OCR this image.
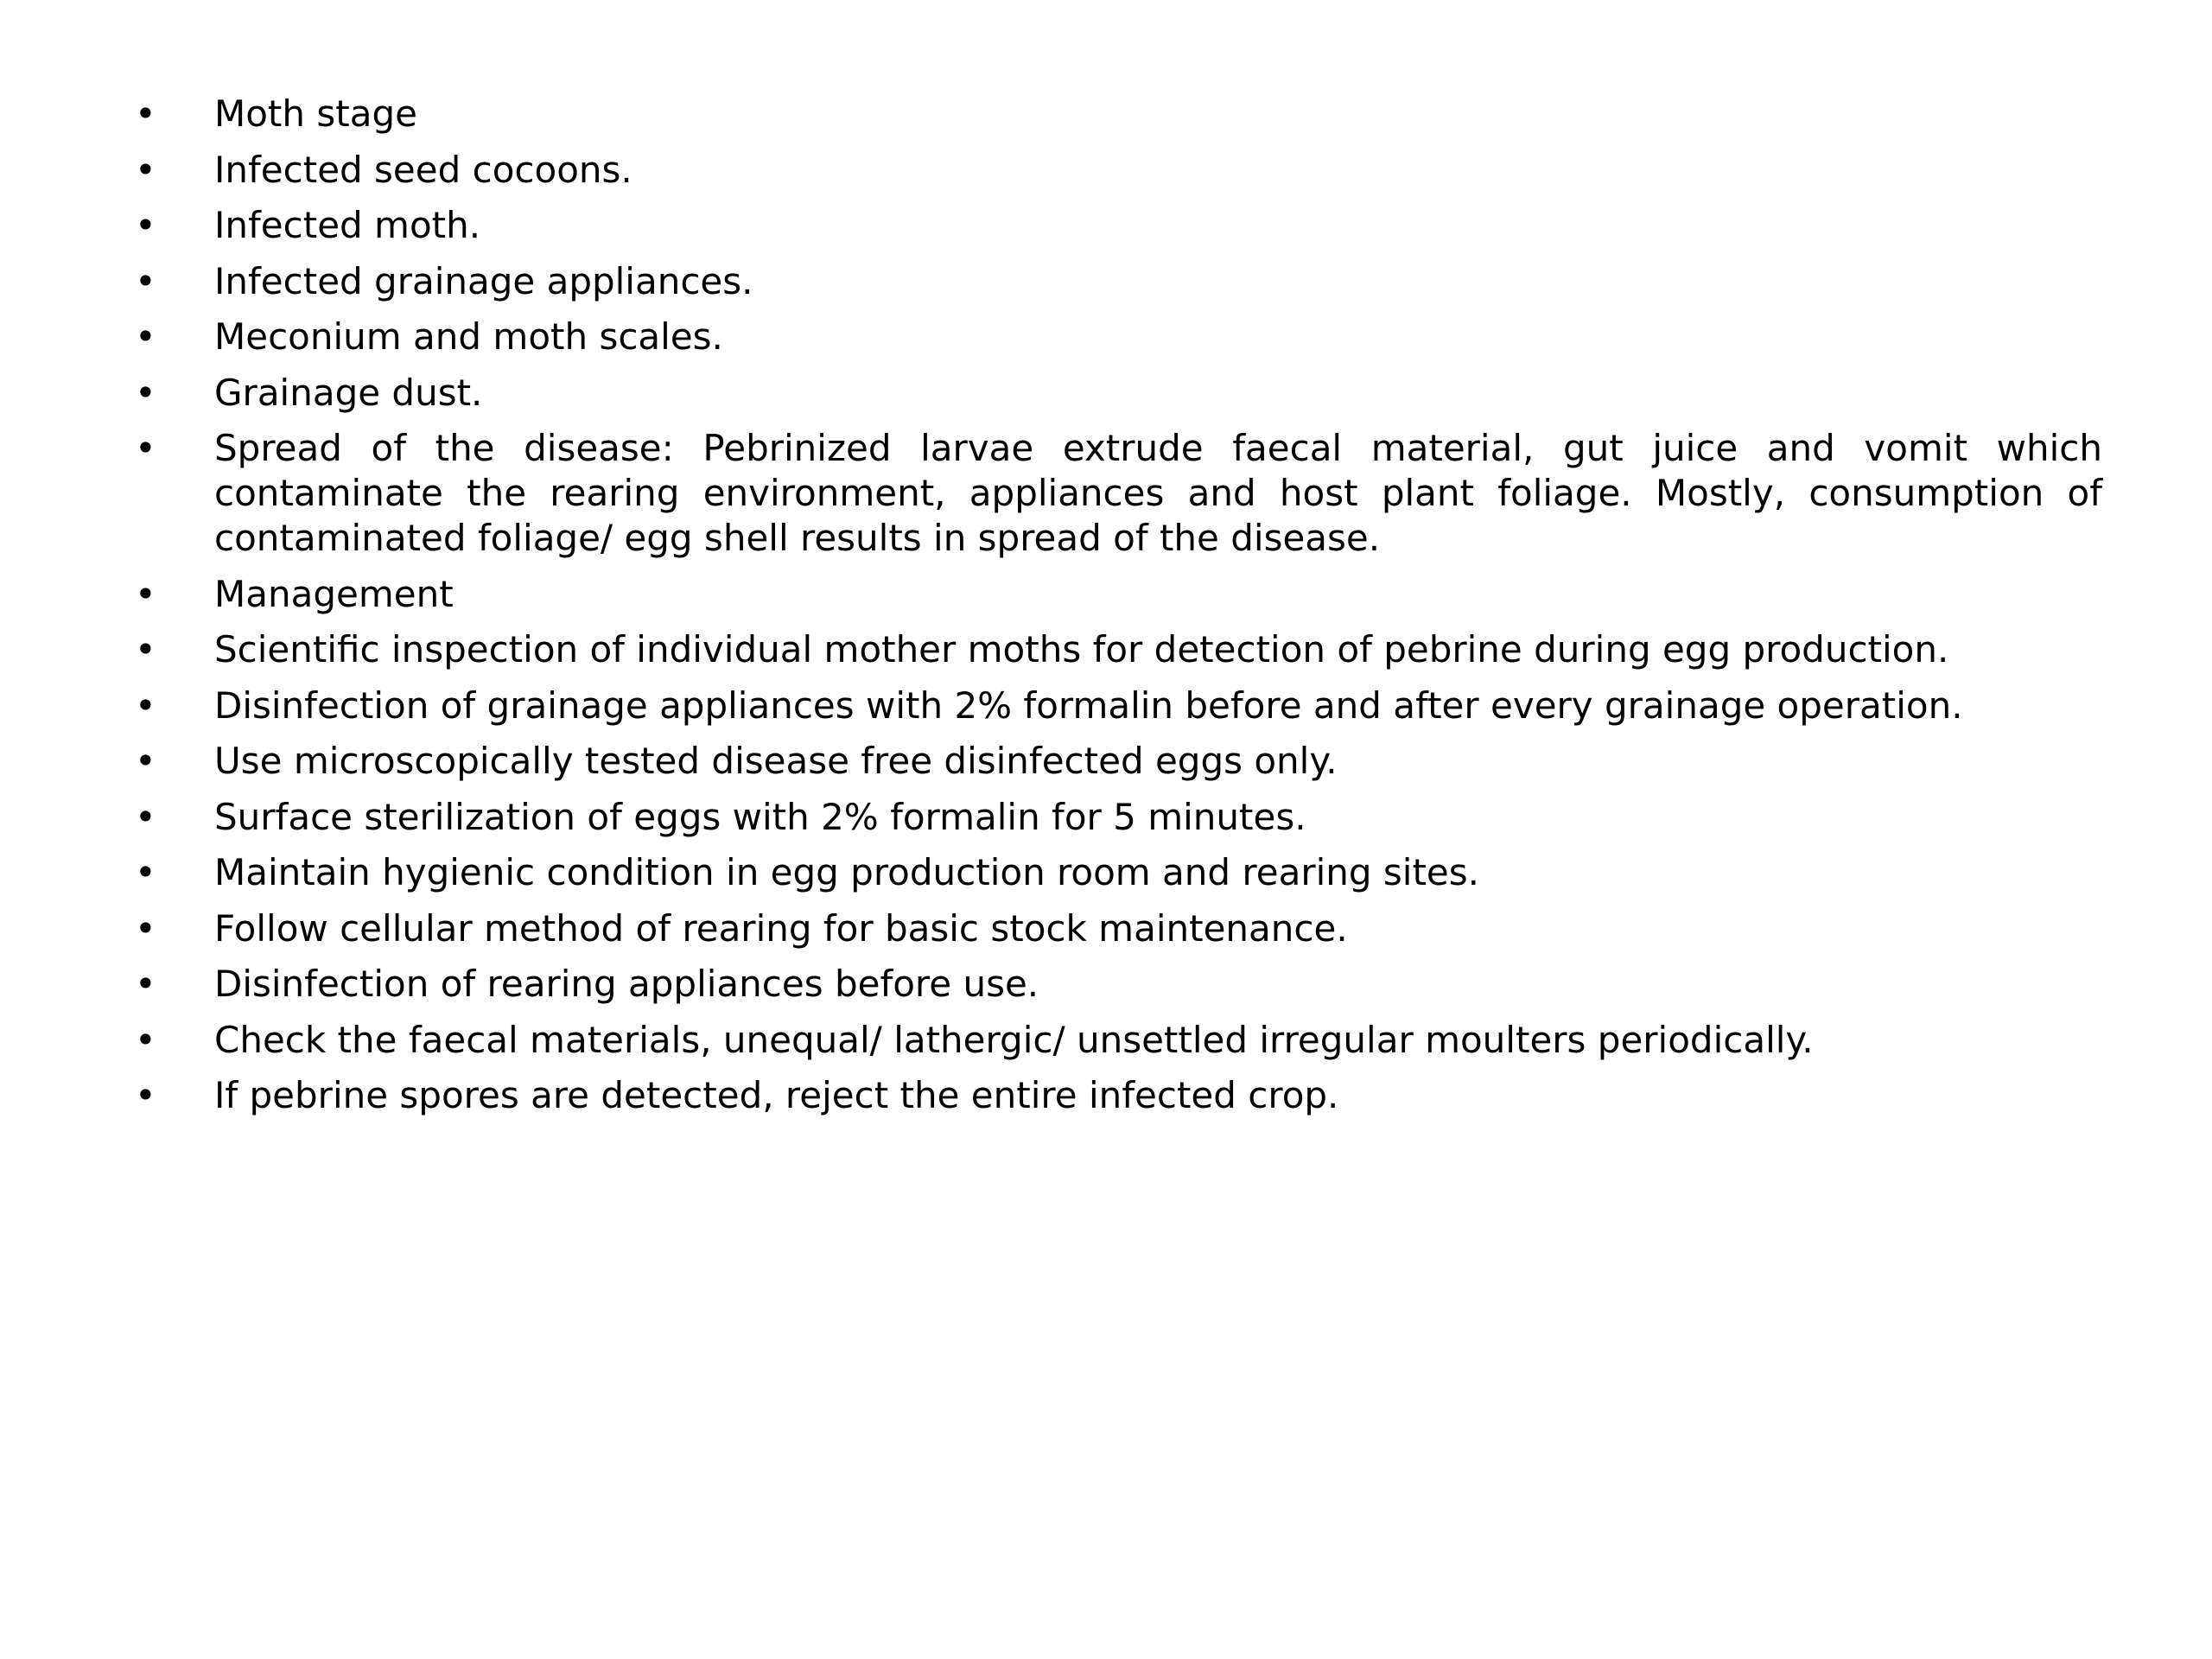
•	Moth stage
•	Infected seed cocoons.
•	Infected moth.
•	Infected grainage appliances.
•	Meconium and moth scales.
•	Grainage dust.
•	Spread of the disease: Pebrinized larvae extrude faecal material, gut juice and vomit which contaminate the rearing environment, appliances and host plant foliage. Mostly, consumption of contaminated foliage/ egg shell results in spread of the disease.
•	Management
•	Scientific inspection of individual mother moths for detection of pebrine during egg production.
•	Disinfection of grainage appliances with 2% formalin before and after every grainage operation.
•	Use microscopically tested disease free disinfected eggs only.
•	Surface sterilization of eggs with 2% formalin for 5 minutes.
•	Maintain hygienic condition in egg production room and rearing sites.
•	Follow cellular method of rearing for basic stock maintenance.
•	Disinfection of rearing appliances before use.
•	Check the faecal materials, unequal/ lathergic/ unsettled irregular moulters periodically.
•	If pebrine spores are detected, reject the entire infected crop.
